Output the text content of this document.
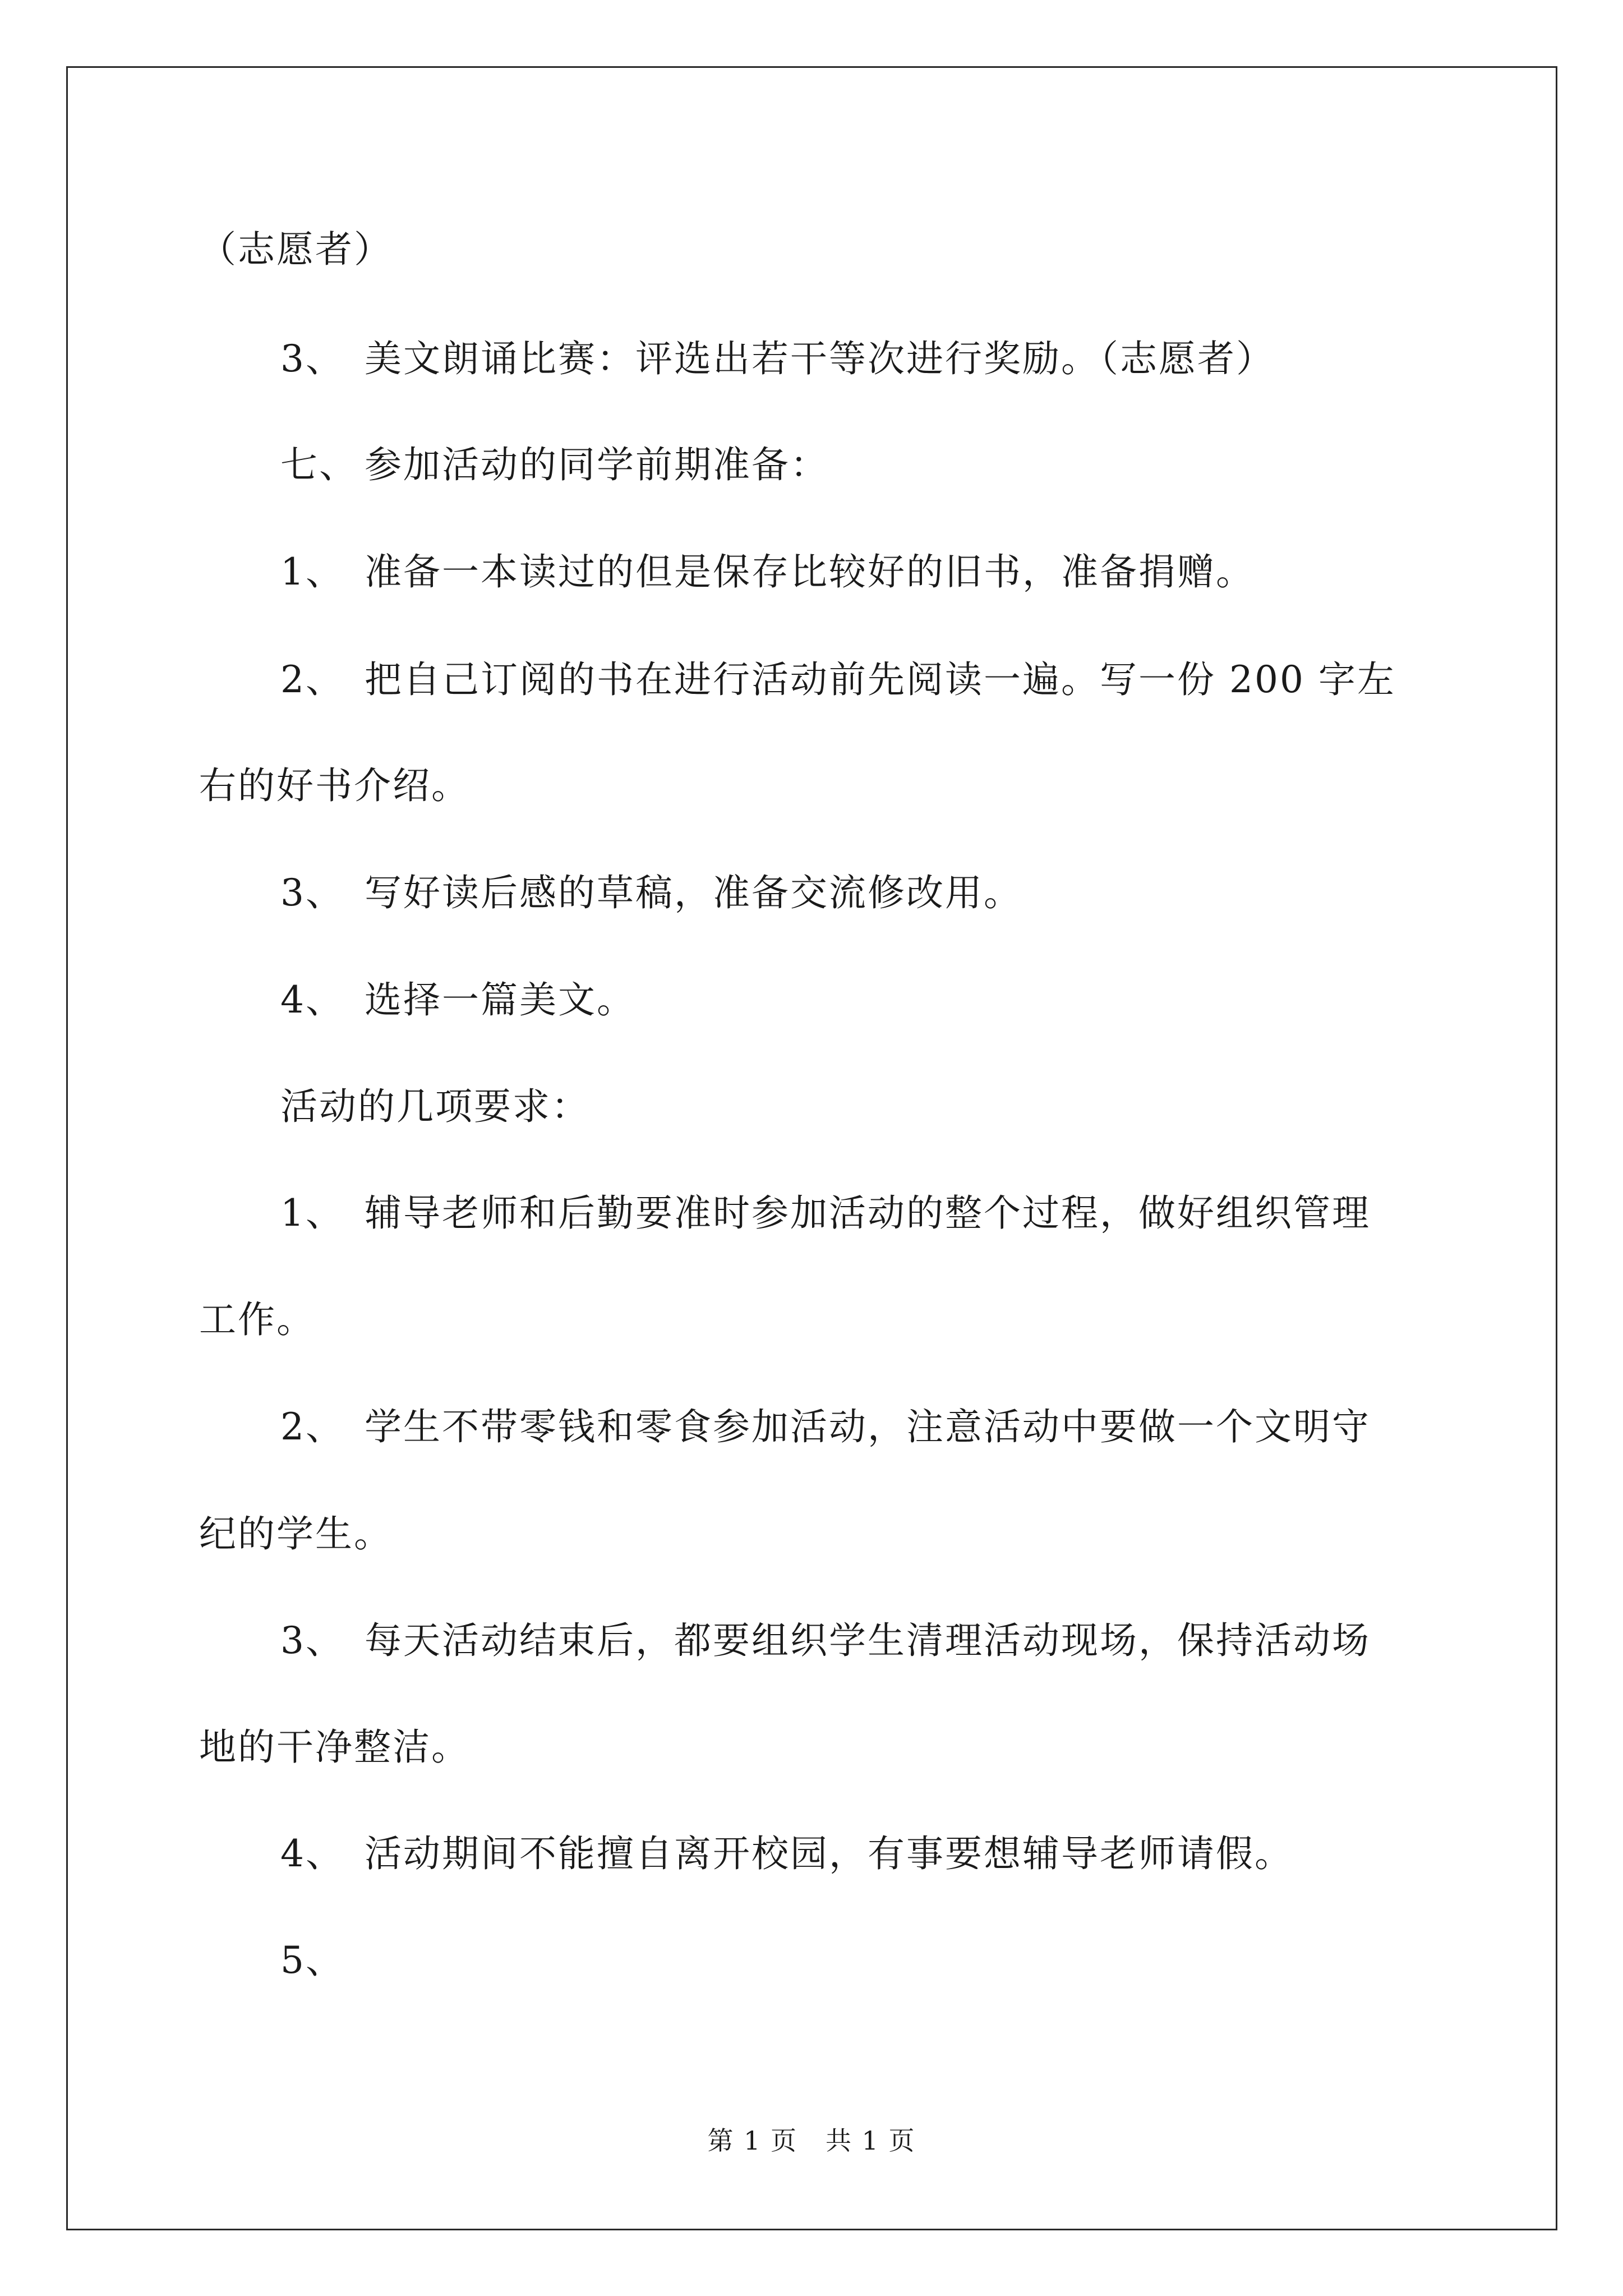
（志愿者）
3、 美文朗诵比赛：评选出若干等次进行奖励。（志愿者）
七、 参加活动的同学前期准备：
1、 准备一本读过的但是保存比较好的旧书，准备捐赠。
2、 把自己订阅的书在进行活动前先阅读一遍。写一份 200 字左
右的好书介绍。
3、 写好读后感的草稿，准备交流修改用。
4、 选择一篇美文。
活动的几项要求：
1、 辅导老师和后勤要准时参加活动的整个过程，做好组织管理
工作。
2、 学生不带零钱和零食参加活动，注意活动中要做一个文明守
纪的学生。
3、 每天活动结束后，都要组织学生清理活动现场，保持活动场
地的干净整洁。
4、 活动期间不能擅自离开校园，有事要想辅导老师请假。
5、
第 1 页 共 1 页
